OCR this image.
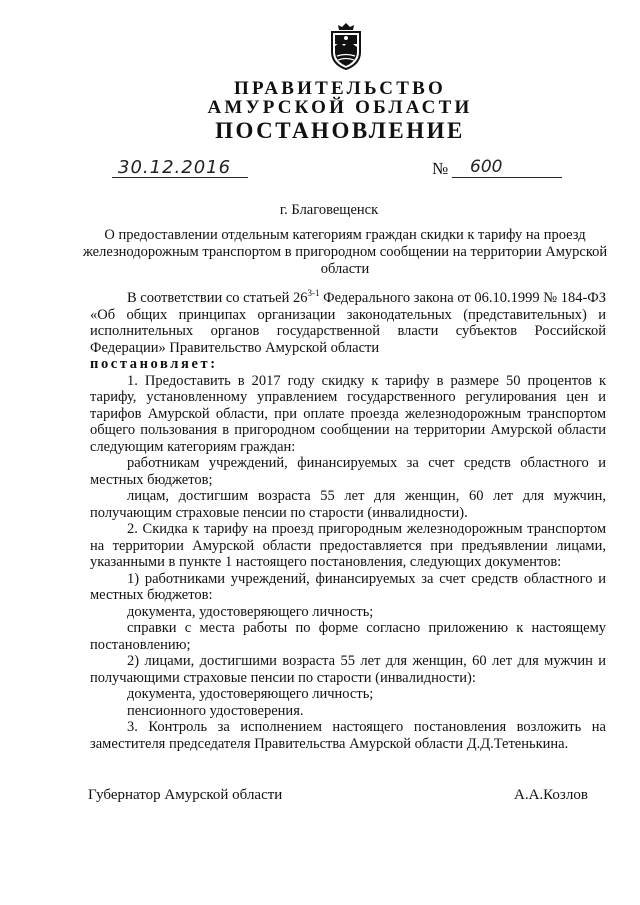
ПРАВИТЕЛЬСТВО
АМУРСКОЙ ОБЛАСТИ
ПОСТАНОВЛЕНИЕ
30.12.2016	№ 600
г. Благовещенск
О предоставлении отдельным категориям граждан скидки к тарифу на проезд железнодорожным транспортом в пригородном сообщении на территории Амурской области

В соответствии со статьей 26$^{3-1}$ Федерального закона от 06.10.1999 № 184-ФЗ «Об общих принципах организации законодательных (представительных) и исполнительных органов государственной власти субъектов Российской Федерации» Правительство Амурской области

постановляет:

1. Предоставить в 2017 году скидку к тарифу в размере 50 процентов к тарифу, установленному управлением государственного регулирования цен и тарифов Амурской области, при оплате проезда железнодорожным транспортом общего пользования в пригородном сообщении на территории Амурской области следующим категориям граждан:

работникам учреждений, финансируемых за счет средств областного и местных бюджетов;

лицам, достигшим возраста 55 лет для женщин, 60 лет для мужчин, получающим страховые пенсии по старости (инвалидности).

2. Скидка к тарифу на проезд пригородным железнодорожным транспортом на территории Амурской области предоставляется при предъявлении лицами, указанными в пункте 1 настоящего постановления, следующих документов:

1) работниками учреждений, финансируемых за счет средств областного и местных бюджетов:

документа, удостоверяющего личность;

справки с места работы по форме согласно приложению к настоящему постановлению;

2) лицами, достигшими возраста 55 лет для женщин, 60 лет для мужчин и получающими страховые пенсии по старости (инвалидности):

документа, удостоверяющего личность;

пенсионного удостоверения.

3. Контроль за исполнением настоящего постановления возложить на заместителя председателя Правительства Амурской области Д.Д.Тетенькина.

Губернатор Амурской области	А.А.Козлов
